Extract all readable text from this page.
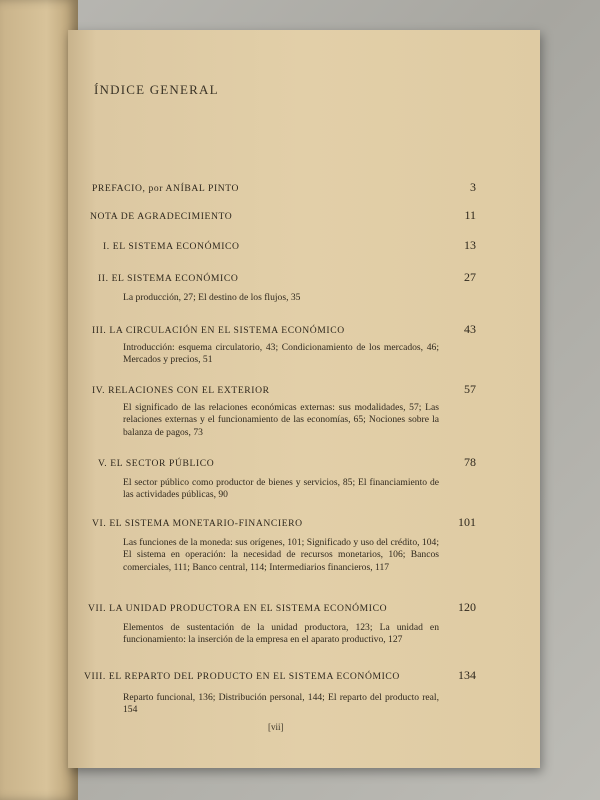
ÍNDICE GENERAL
PREFACIO, por ANÍBAL PINTO	3
NOTA DE AGRADECIMIENTO	11
I. EL SISTEMA ECONÓMICO	13
II. EL SISTEMA ECONÓMICO	27
La producción, 27; El destino de los flujos, 35
III. LA CIRCULACIÓN EN EL SISTEMA ECONÓMICO	43
Introducción: esquema circulatorio, 43; Condicionamiento de los mercados, 46; Mercados y precios, 51
IV. RELACIONES CON EL EXTERIOR	57
El significado de las relaciones económicas externas: sus modalidades, 57; Las relaciones externas y el funcionamiento de las economías, 65; Nociones sobre la balanza de pagos, 73
V. EL SECTOR PÚBLICO	78
El sector público como productor de bienes y servicios, 85; El financiamiento de las actividades públicas, 90
VI. EL SISTEMA MONETARIO-FINANCIERO	101
Las funciones de la moneda: sus orígenes, 101; Significado y uso del crédito, 104; El sistema en operación: la necesidad de recursos monetarios, 106; Bancos comerciales, 111; Banco central, 114; Intermediarios financieros, 117
VII. LA UNIDAD PRODUCTORA EN EL SISTEMA ECONÓMICO	120
Elementos de sustentación de la unidad productora, 123; La unidad en funcionamiento: la inserción de la empresa en el aparato productivo, 127
VIII. EL REPARTO DEL PRODUCTO EN EL SISTEMA ECONÓMICO	134
Reparto funcional, 136; Distribución personal, 144; El reparto del producto real, 154
[vii]
